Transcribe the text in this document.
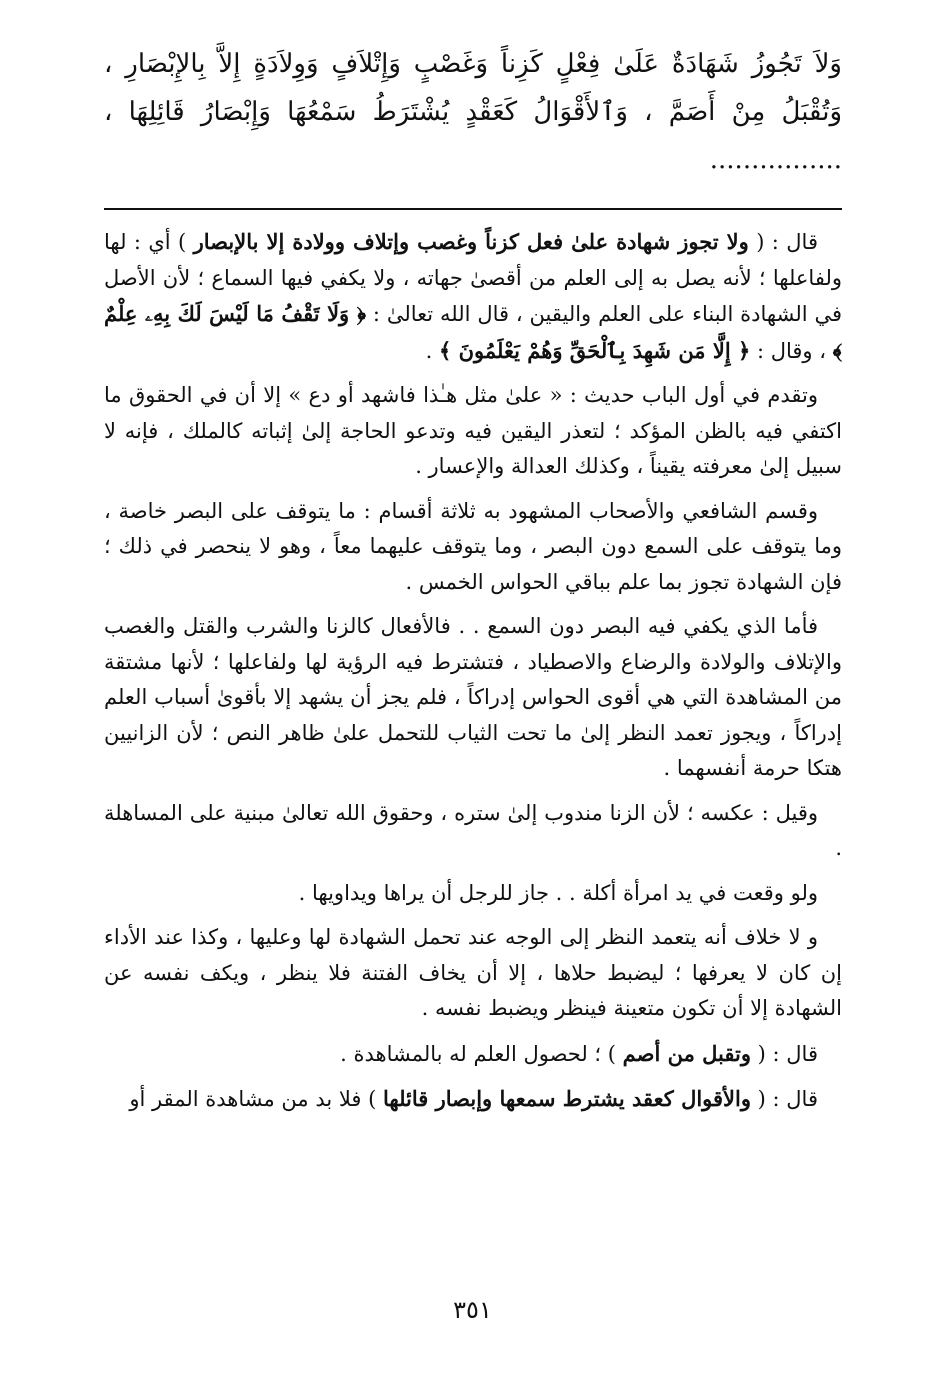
وَلاَ تَجُوزُ شَهَادَةٌ عَلَىٰ فِعْلٍ كَزِناً وَغَصْبٍ وَإِتْلاَفٍ وَوِلاَدَةٍ إِلاَّ بِالإِبْصَارِ ، وَتُقْبَلُ مِنْ أَصَمَّ ، وَٱلأَقْوَالُ كَعَقْدٍ يُشْتَرَطُ سَمْعُهَا وَإِبْصَارُ قَائِلِهَا ، ................

قال : ( ولا تجوز شهادة علىٰ فعل كزناً وغصب وإتلاف وولادة إلا بالإبصار ) أي : لها ولفاعلها ؛ لأنه يصل به إلى العلم من أقصىٰ جهاته ، ولا يكفي فيها السماع ؛ لأن الأصل في الشهادة البناء على العلم واليقين ، قال الله تعالىٰ : ﴿ وَلَا تَقْفُ مَا لَيْسَ لَكَ بِهِۦ عِلْمٌ ﴾ ، وقال : ﴿ إِلَّا مَن شَهِدَ بِٱلْحَقِّ وَهُمْ يَعْلَمُونَ ﴾ .

وتقدم في أول الباب حديث : « علىٰ مثل هـٰذا فاشهد أو دع » إلا أن في الحقوق ما اكتفي فيه بالظن المؤكد ؛ لتعذر اليقين فيه وتدعو الحاجة إلىٰ إثباته كالملك ، فإنه لا سبيل إلىٰ معرفته يقيناً ، وكذلك العدالة والإعسار .

وقسم الشافعي والأصحاب المشهود به ثلاثة أقسام : ما يتوقف على البصر خاصة ، وما يتوقف على السمع دون البصر ، وما يتوقف عليهما معاً ، وهو لا ينحصر في ذلك ؛ فإن الشهادة تجوز بما علم بباقي الحواس الخمس .

فأما الذي يكفي فيه البصر دون السمع . . فالأفعال كالزنا والشرب والقتل والغصب والإتلاف والولادة والرضاع والاصطياد ، فتشترط فيه الرؤية لها ولفاعلها ؛ لأنها مشتقة من المشاهدة التي هي أقوى الحواس إدراكاً ، فلم يجز أن يشهد إلا بأقوىٰ أسباب العلم إدراكاً ، ويجوز تعمد النظر إلىٰ ما تحت الثياب للتحمل علىٰ ظاهر النص ؛ لأن الزانيين هتكا حرمة أنفسهما .

وقيل : عكسه ؛ لأن الزنا مندوب إلىٰ ستره ، وحقوق الله تعالىٰ مبنية على المساهلة .

ولو وقعت في يد امرأة أكلة . . جاز للرجل أن يراها ويداويها .

و لا خلاف أنه يتعمد النظر إلى الوجه عند تحمل الشهادة لها وعليها ، وكذا عند الأداء إن كان لا يعرفها ؛ ليضبط حلاها ، إلا أن يخاف الفتنة فلا ينظر ، ويكف نفسه عن الشهادة إلا أن تكون متعينة فينظر ويضبط نفسه .

قال : ( وتقبل من أصم ) ؛ لحصول العلم له بالمشاهدة .

قال : ( والأقوال كعقد يشترط سمعها وإبصار قائلها ) فلا بد من مشاهدة المقر أو

٣٥١
